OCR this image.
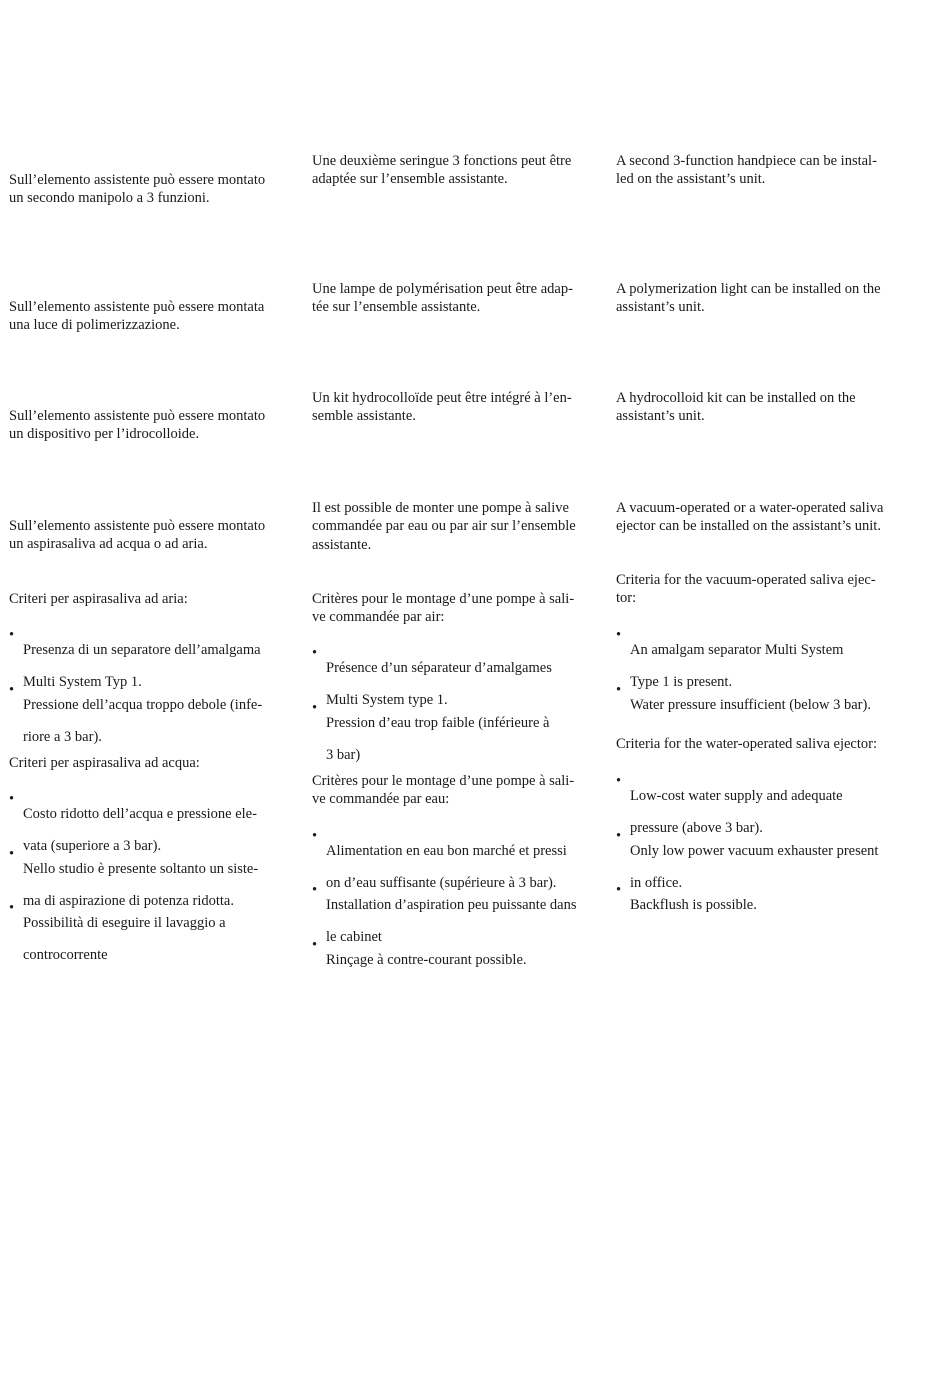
Sull’elemento assistente può essere montato

un secondo manipolo a 3 funzioni.

Sull’elemento assistente può essere montata

una luce di polimerizzazione.

Sull’elemento assistente può essere montato

un dispositivo per l’idrocolloide.

Sull’elemento assistente può essere montato

un aspirasaliva ad acqua o ad aria.

Criteri per aspirasaliva ad aria:

• Presenza di un separatore dell’amalgama

Multi System Typ 1.

• Pressione dell’acqua troppo debole (infe-

riore a 3 bar).

Criteri per aspirasaliva ad acqua:

• Costo ridotto dell’acqua e pressione ele-

vata (superiore a 3 bar).

• Nello studio è presente soltanto un siste-

ma di aspirazione di potenza ridotta.

• Possibilità di eseguire il lavaggio a

controcorrente

Une deuxième seringue 3 fonctions peut être

adaptée sur l’ensemble assistante.

Une lampe de polymérisation peut être adap-

tée sur l’ensemble assistante.

Un kit hydrocolloïde peut être intégré à l’en-

semble assistante.

Il est possible de monter une pompe à salive

commandée par eau ou par air sur l’ensemble

assistante.

Critères pour le montage d’une pompe à sali-

ve commandée par air:

• Présence d’un séparateur d’amalgames

Multi System type 1.

• Pression d’eau trop faible (inférieure à

3 bar)

Critères pour le montage d’une pompe à sali-

ve commandée par eau:

• Alimentation en eau bon marché et pressi

on d’eau suffisante (supérieure à 3 bar).

• Installation d’aspiration peu puissante dans

le cabinet

• Rinçage à contre-courant possible.

A second 3-function handpiece can be instal-

led on the assistant’s unit.

A polymerization light can be installed on the

assistant’s unit.

A hydrocolloid kit can be installed on the

assistant’s unit.

A vacuum-operated or a water-operated saliva

ejector can be installed on the assistant’s unit.

Criteria for the vacuum-operated saliva ejec-

tor:

• An amalgam separator Multi System

Type 1 is present.

• Water pressure insufficient (below 3 bar).

Criteria for the water-operated saliva ejector:

• Low-cost water supply and adequate

pressure (above 3 bar).

• Only low power vacuum exhauster present

in office.

• Backflush is possible.
